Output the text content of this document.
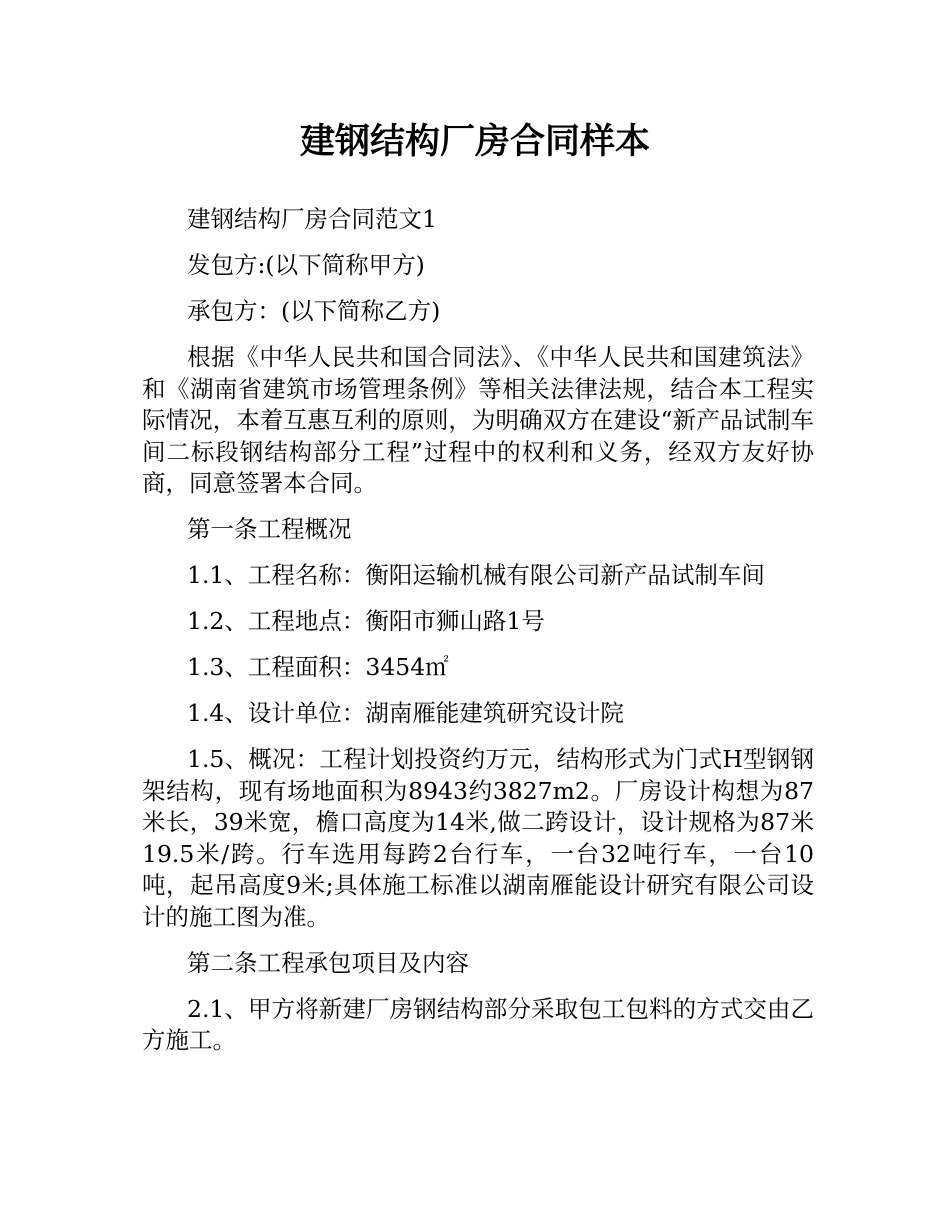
建钢结构厂房合同样本

建钢结构厂房合同范文1

发包方:(以下简称甲方)

承包方：(以下简称乙方)

根据《中华人民共和国合同法》、《中华人民共和国建筑法》和《湖南省建筑市场管理条例》等相关法律法规，结合本工程实际情况，本着互惠互利的原则，为明确双方在建设“新产品试制车间二标段钢结构部分工程”过程中的权利和义务，经双方友好协商，同意签署本合同。

第一条工程概况

1.1、工程名称：衡阳运输机械有限公司新产品试制车间

1.2、工程地点：衡阳市狮山路1号

1.3、工程面积：3454㎡

1.4、设计单位：湖南雁能建筑研究设计院

1.5、概况：工程计划投资约万元，结构形式为门式H型钢钢架结构，现有场地面积为8943约3827m2。厂房设计构想为87米长，39米宽，檐口高度为14米,做二跨设计，设计规格为87米19.5米/跨。行车选用每跨2台行车，一台32吨行车，一台10吨，起吊高度9米;具体施工标准以湖南雁能设计研究有限公司设计的施工图为准。

第二条工程承包项目及内容

2.1、甲方将新建厂房钢结构部分采取包工包料的方式交由乙方施工。
